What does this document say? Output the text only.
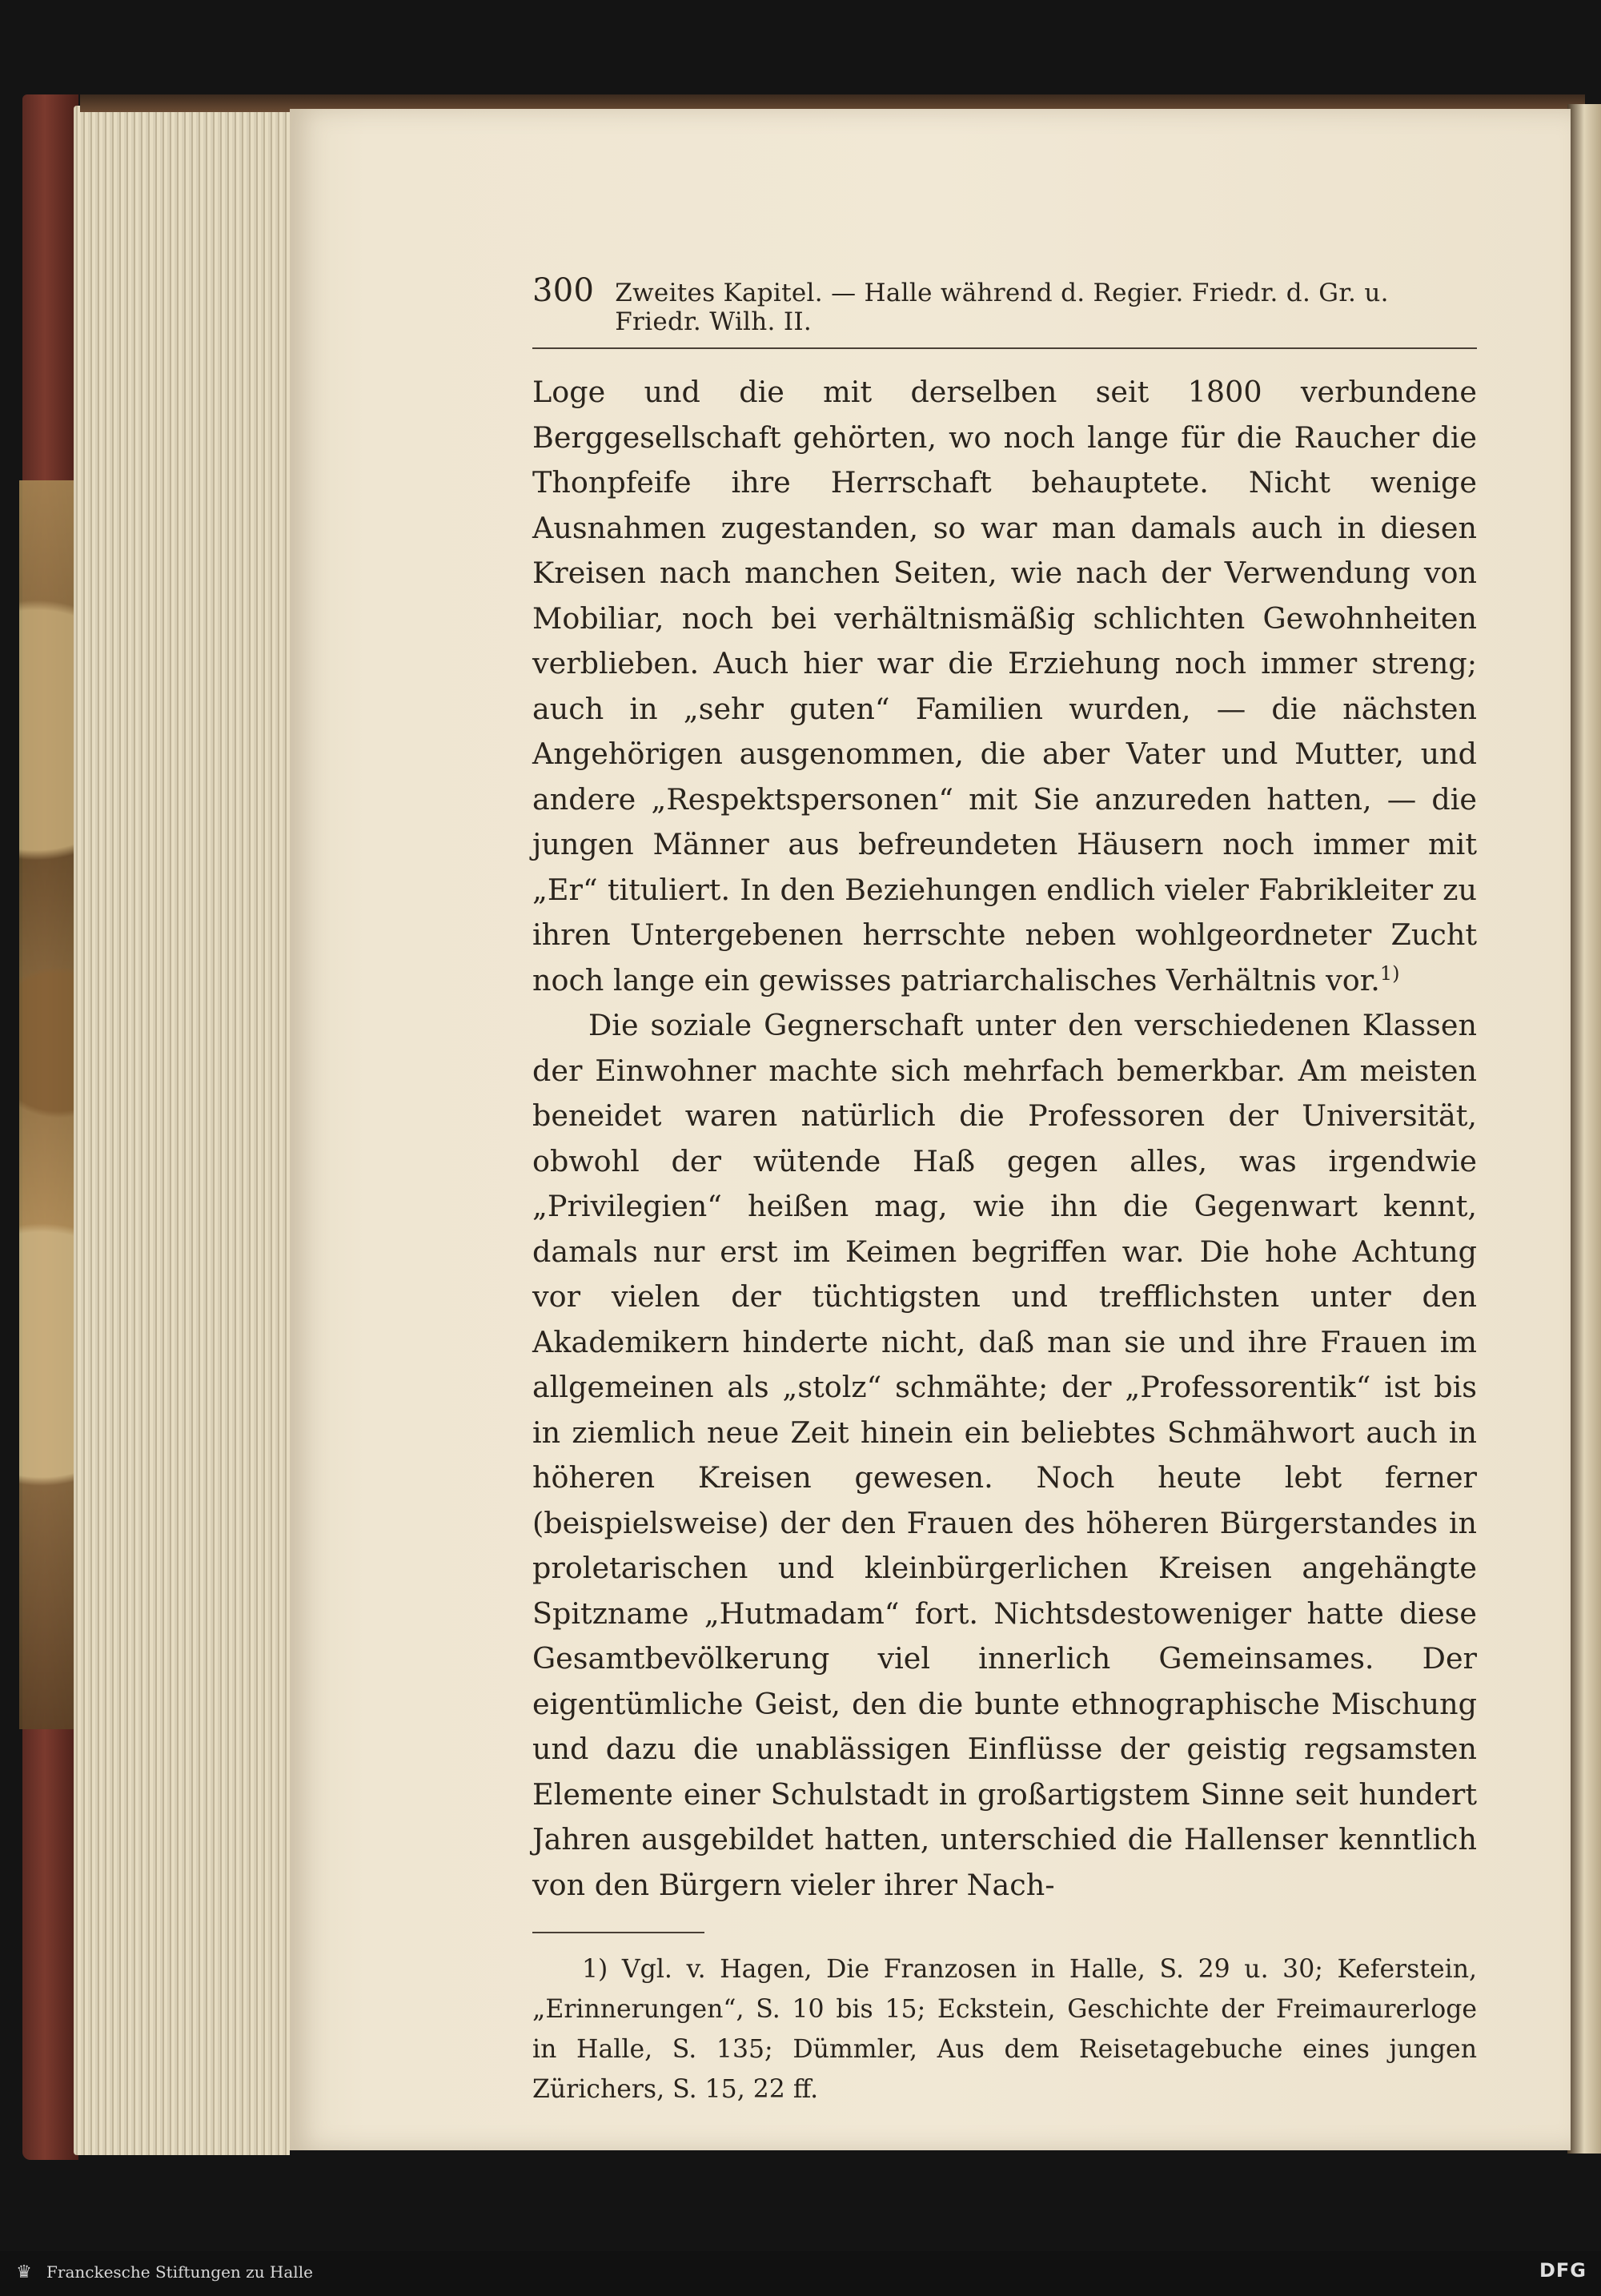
300 Zweites Kapitel. — Halle während d. Regier. Friedr. d. Gr. u. Friedr. Wilh. II.

Loge und die mit derselben seit 1800 verbundene Berggesellschaft gehörten, wo noch lange für die Raucher die Thonpfeife ihre Herrschaft behauptete. Nicht wenige Ausnahmen zugestanden, so war man damals auch in diesen Kreisen nach manchen Seiten, wie nach der Verwendung von Mobiliar, noch bei verhältnismäßig schlichten Gewohnheiten verblieben. Auch hier war die Erziehung noch immer streng; auch in „sehr guten“ Familien wurden, — die nächsten Angehörigen ausgenommen, die aber Vater und Mutter, und andere „Respektspersonen“ mit Sie anzureden hatten, — die jungen Männer aus befreundeten Häusern noch immer mit „Er“ tituliert. In den Beziehungen endlich vieler Fabrikleiter zu ihren Untergebenen herrschte neben wohlgeordneter Zucht noch lange ein gewisses patriarchalisches Verhältnis vor.$^{1)}$

Die soziale Gegnerschaft unter den verschiedenen Klassen der Einwohner machte sich mehrfach bemerkbar. Am meisten beneidet waren natürlich die Professoren der Universität, obwohl der wütende Haß gegen alles, was irgendwie „Privilegien“ heißen mag, wie ihn die Gegenwart kennt, damals nur erst im Keimen begriffen war. Die hohe Achtung vor vielen der tüchtigsten und trefflichsten unter den Akademikern hinderte nicht, daß man sie und ihre Frauen im allgemeinen als „stolz“ schmähte; der „Professorentik“ ist bis in ziemlich neue Zeit hinein ein beliebtes Schmähwort auch in höheren Kreisen gewesen. Noch heute lebt ferner (beispielsweise) der den Frauen des höheren Bürgerstandes in proletarischen und kleinbürgerlichen Kreisen angehängte Spitzname „Hutmadam“ fort. Nichtsdestoweniger hatte diese Gesamtbevölkerung viel innerlich Gemeinsames. Der eigentümliche Geist, den die bunte ethnographische Mischung und dazu die unablässigen Einflüsse der geistig regsamsten Elemente einer Schulstadt in großartigstem Sinne seit hundert Jahren ausgebildet hatten, unterschied die Hallenser kenntlich von den Bürgern vieler ihrer Nach-

1) Vgl. v. Hagen, Die Franzosen in Halle, S. 29 u. 30; Keferstein, „Erinnerungen“, S. 10 bis 15; Eckstein, Geschichte der Freimaurerloge in Halle, S. 135; Dümmler, Aus dem Reisetagebuche eines jungen Zürichers, S. 15, 22 ff.

♛ Franckesche Stiftungen zu Halle	DFG
